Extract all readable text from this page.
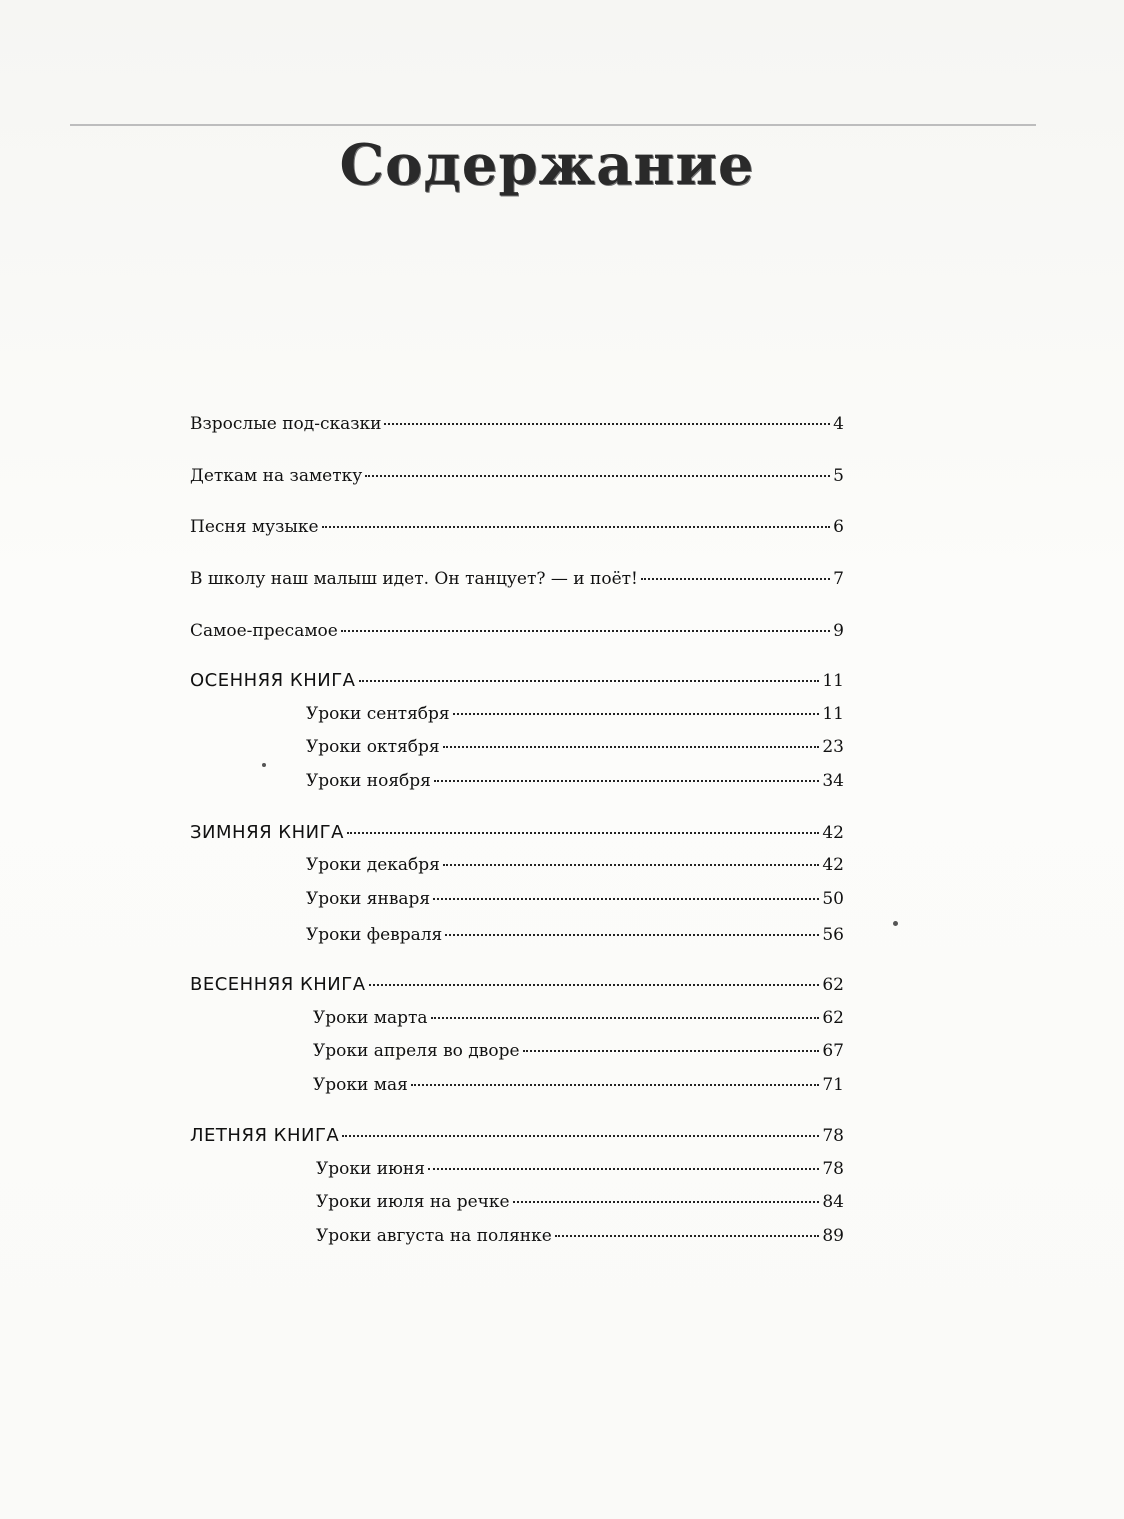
Содержание
Взрослые под-сказки	4
Деткам на заметку	5
Песня музыке	6
В школу наш малыш идет. Он танцует? — и поёт!	7
Самое-пресамое	9
ОСЕННЯЯ КНИГА	11
Уроки сентября	11
Уроки октября	23
Уроки ноября	34
ЗИМНЯЯ КНИГА	42
Уроки декабря	42
Уроки января	50
Уроки февраля	56
ВЕСЕННЯЯ КНИГА	62
Уроки марта	62
Уроки апреля во дворе	67
Уроки мая	71
ЛЕТНЯЯ КНИГА	78
Уроки июня	78
Уроки июля на речке	84
Уроки августа на полянке	89
